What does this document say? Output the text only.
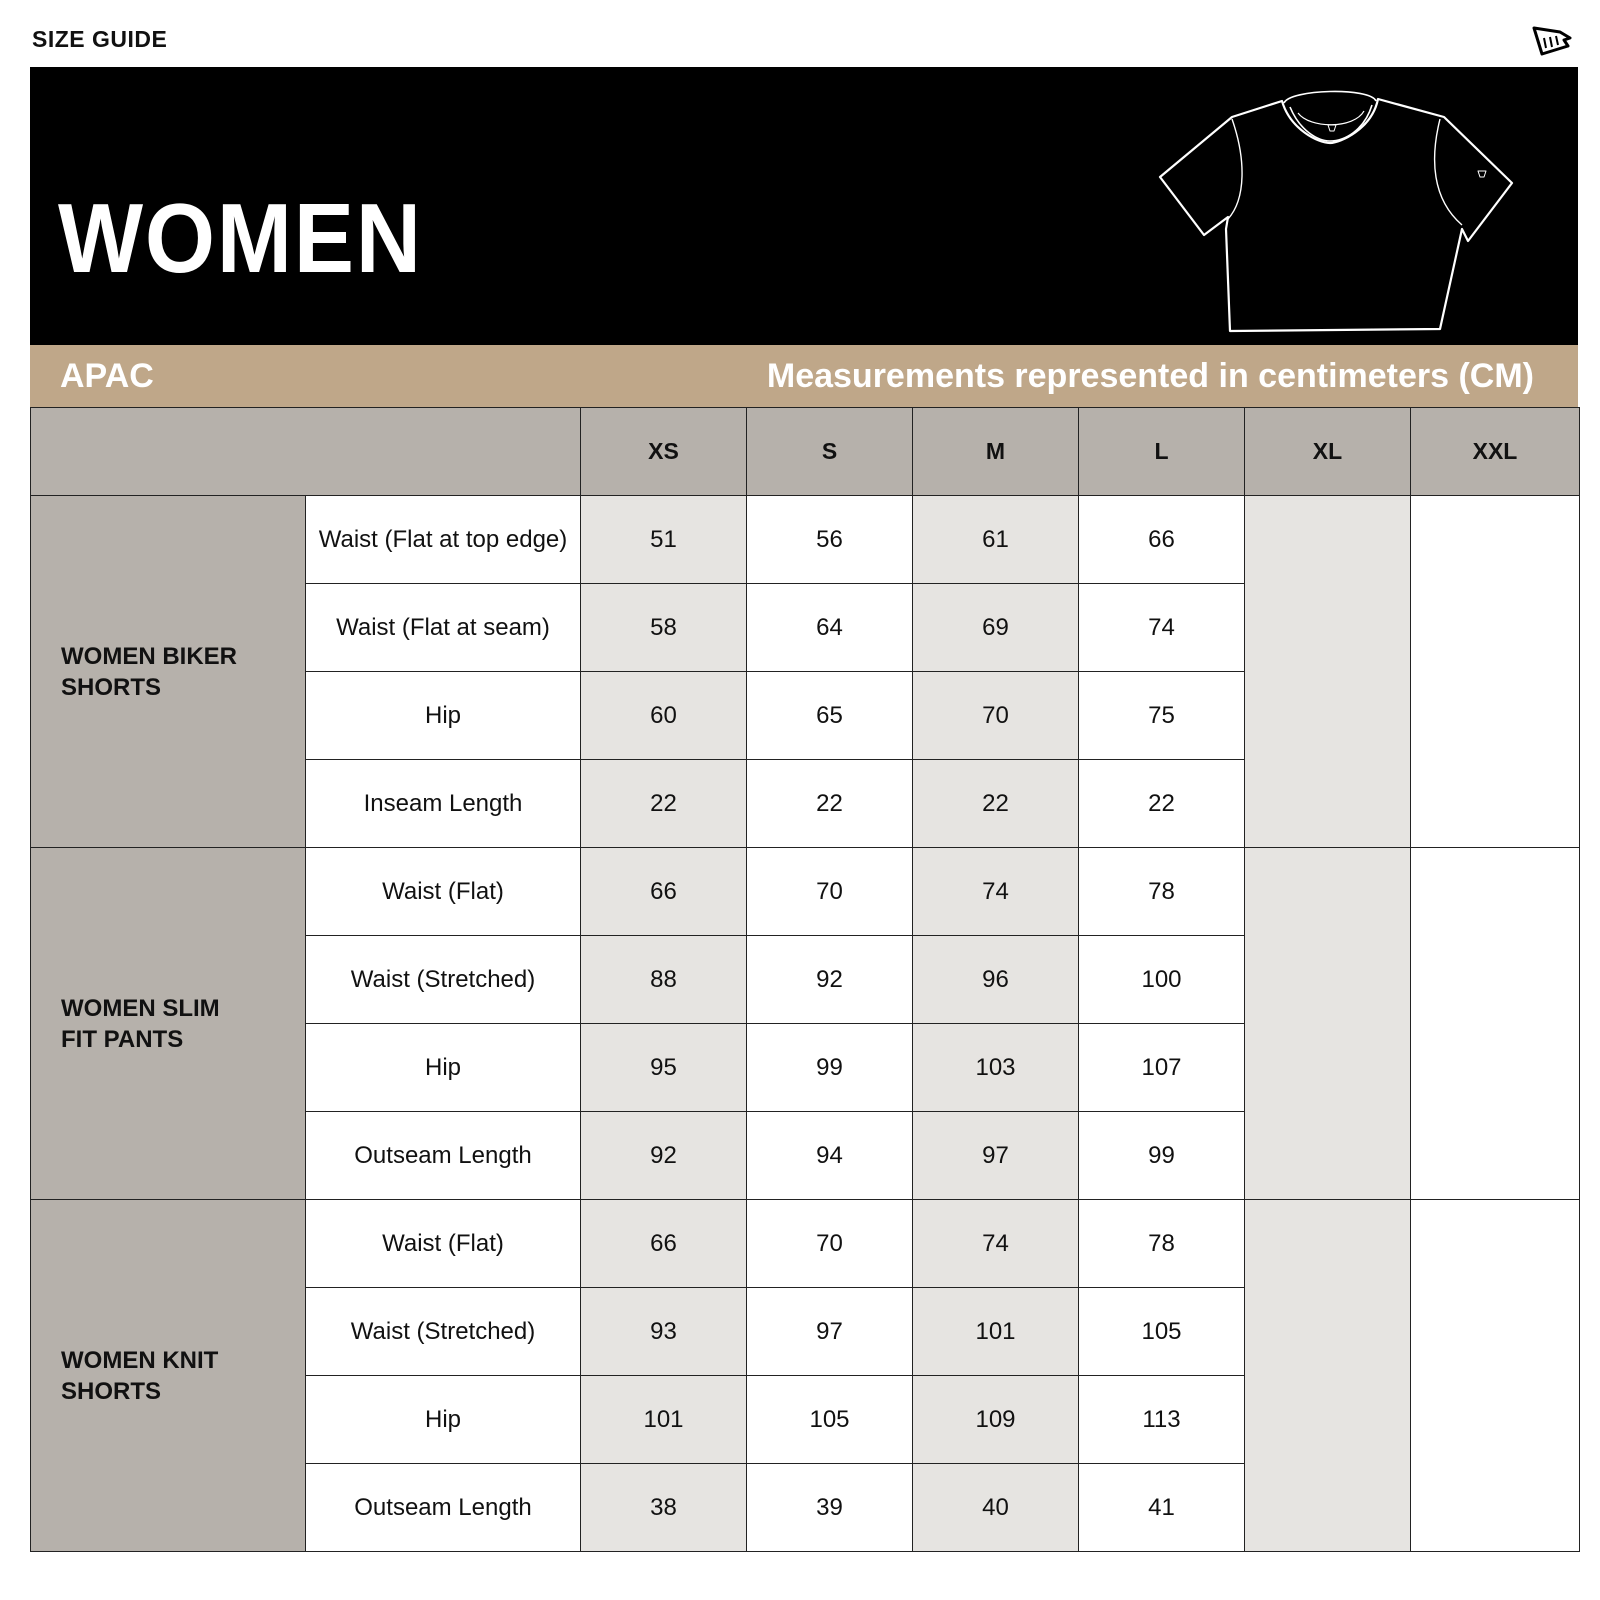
SIZE GUIDE
WOMEN
APAC	Measurements represented in centimeters (CM)
		XS	S	M	L	XL	XXL
WOMEN BIKER
SHORTS	Waist (Flat at top edge)	51	56	61	66		
	Waist (Flat at seam)	58	64	69	74		
	Hip	60	65	70	75		
	Inseam Length	22	22	22	22		
WOMEN SLIM
FIT PANTS	Waist (Flat)	66	70	74	78		
	Waist (Stretched)	88	92	96	100		
	Hip	95	99	103	107		
	Outseam Length	92	94	97	99		
WOMEN KNIT
SHORTS	Waist (Flat)	66	70	74	78		
	Waist (Stretched)	93	97	101	105		
	Hip	101	105	109	113		
	Outseam Length	38	39	40	41		
